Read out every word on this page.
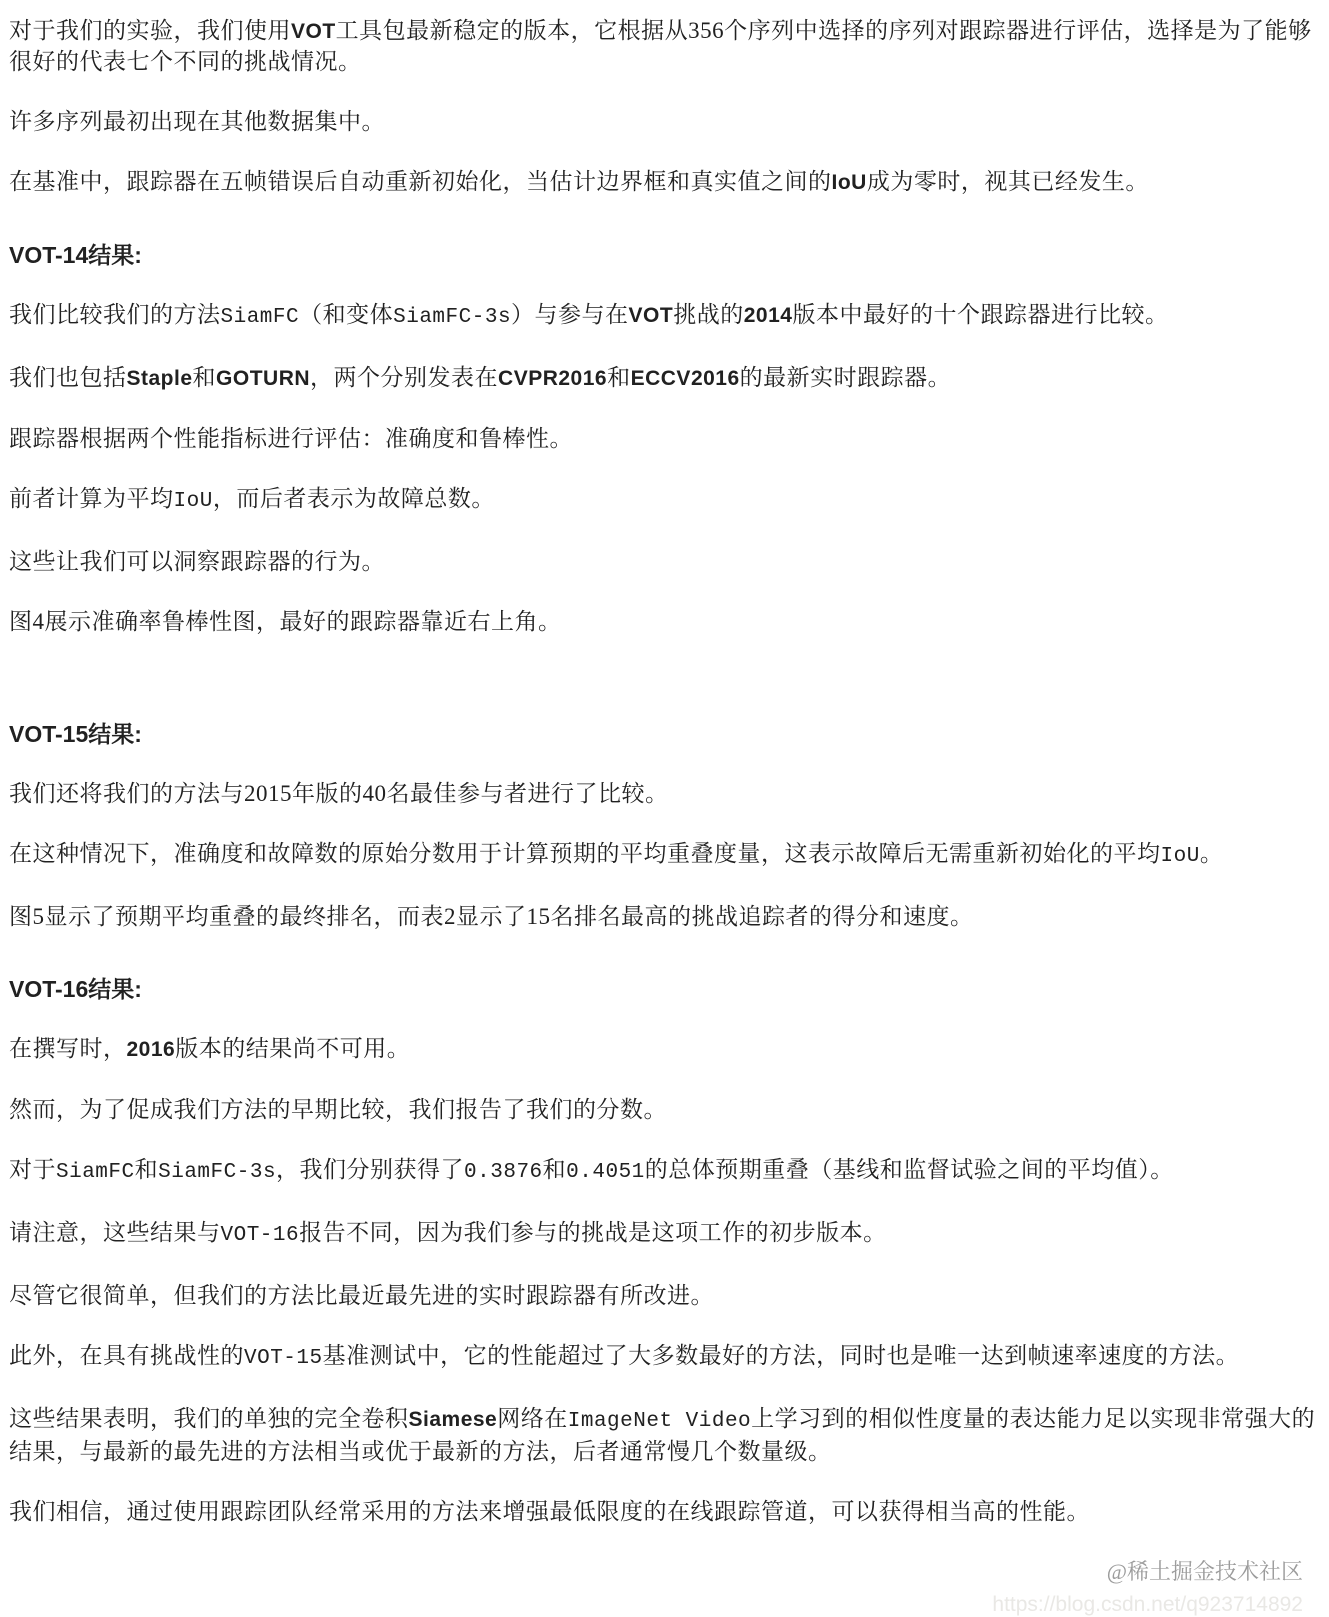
对于我们的实验，我们使用VOT工具包最新稳定的版本，它根据从356个序列中选择的序列对跟踪器进行评估，选择是为了能够很好的代表七个不同的挑战情况。

许多序列最初出现在其他数据集中。

在基准中，跟踪器在五帧错误后自动重新初始化，当估计边界框和真实值之间的IoU成为零时，视其已经发生。

VOT-14结果:

我们比较我们的方法SiamFC（和变体SiamFC-3s）与参与在VOT挑战的2014版本中最好的十个跟踪器进行比较。

我们也包括Staple和GOTURN，两个分别发表在CVPR2016和ECCV2016的最新实时跟踪器。

跟踪器根据两个性能指标进行评估：准确度和鲁棒性。

前者计算为平均IoU，而后者表示为故障总数。

这些让我们可以洞察跟踪器的行为。

图4展示准确率鲁棒性图，最好的跟踪器靠近右上角。

VOT-15结果:

我们还将我们的方法与2015年版的40名最佳参与者进行了比较。

在这种情况下，准确度和故障数的原始分数用于计算预期的平均重叠度量，这表示故障后无需重新初始化的平均IoU。

图5显示了预期平均重叠的最终排名，而表2显示了15名排名最高的挑战追踪者的得分和速度。

VOT-16结果:

在撰写时，2016版本的结果尚不可用。

然而，为了促成我们方法的早期比较，我们报告了我们的分数。

对于SiamFC和SiamFC-3s，我们分别获得了0.3876和0.4051的总体预期重叠（基线和监督试验之间的平均值）。

请注意，这些结果与VOT-16报告不同，因为我们参与的挑战是这项工作的初步版本。

尽管它很简单，但我们的方法比最近最先进的实时跟踪器有所改进。

此外，在具有挑战性的VOT-15基准测试中，它的性能超过了大多数最好的方法，同时也是唯一达到帧速率速度的方法。

这些结果表明，我们的单独的完全卷积Siamese网络在ImageNet Video上学习到的相似性度量的表达能力足以实现非常强大的结果，与最新的最先进的方法相当或优于最新的方法，后者通常慢几个数量级。

我们相信，通过使用跟踪团队经常采用的方法来增强最低限度的在线跟踪管道，可以获得相当高的性能。

@稀土掘金技术社区
https://blog.csdn.net/q923714892
